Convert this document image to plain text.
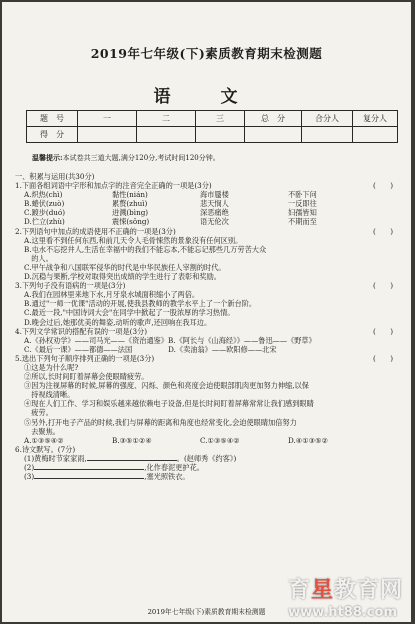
2019年七年级(下)素质教育期末检测题
语 文
题　号	一	二	三	总　分	合分人	复分人
得　分						
温馨提示:本试卷共三道大题,满分120分,考试时间120分钟。
一、积累与运用(共30分)
1.下面各组词语中字形和加点字的注音完全正确的一项是(3分)	(　　)
A.炽热(chì)	黏性(nián)	海市蜃楼	不卧下问
B.蜷伏(zuò)	累赘(zhuì)	悲天悯人	一反即往
C.踱步(duó)	迸溅(bìng)	深恶痛绝	妇孺皆知
D.伫立(zhù)	震悚(sǒng)	语无伦次	不期而至
2.下列语句中加点的成语使用不正确的一项是(3分)	(　　)
A.这里看不到任何东西,和前几天令人毛骨悚然的景象没有任何区别。
B.屯水不忘挖井人,生活在幸福中的我们不能忘本,不能忘记那些几万劳苦大众
　的人。
C.甲午战争和八国联军侵华的时代是中华民族任人宰割的时代。
D.沉稳与果断,学校对取得突出成绩的学生进行了表彰和奖励。
3.下列句子没有语病的一项是(3分)	(　　)
A.我们在园林里来地下水,月牙泉水城面积缩小了两倍。
B.通过"一师一优课"活动的开展,使我县教师的教学水平上了一个新台阶。
C.最近一段,"中国诗词大会"在同学中掀起了一股浓厚的学习热情。
D.晚会过后,她那优美的舞姿,动听的歌声,还回响在我耳边。
4.下列文学常识的搭配有误的一项是(3分)	(　　)
A.《孙权劝学》——司马光——《资治通鉴》B.《阿长与《山海经》》——鲁迅——《野草》
C.《最后一课》——都德——法国　　　　　D.《卖油翁》——欧阳修——北宋
5.选出下列句子顺序排列正确的一项是(3分)	(　　)
①这是为什么呢?
②所以,长时间盯着屏幕会使眼睛疲劳。
③因为注视屏幕的时候,屏幕的强度、闪烁、颜色和亮度会迫使眼部肌肉更加努力伸缩,以保
　持视线清晰。
④现在人们工作、学习和娱乐越来越依赖电子设备,但是长时间盯着屏幕常常让我们感到眼睛
　疲劳。
⑤另外,打开电子产品的时候,我们与屏幕的距离和角度也经常变化,会迫使眼睛加倍努力
　去聚焦。
A.①③⑤④②	B.③⑤①②④	C.①③⑤④②	D.④①③⑤②
6.诗文默写。(7分)
(1)黄梅时节家家雨,	。(赵师秀《约客》)
(2)	,化作春泥更护花。
(3)	,塞光照铁衣。
2019年七年级(下)素质教育期末检测题
育星教育网
www.ht88.com
